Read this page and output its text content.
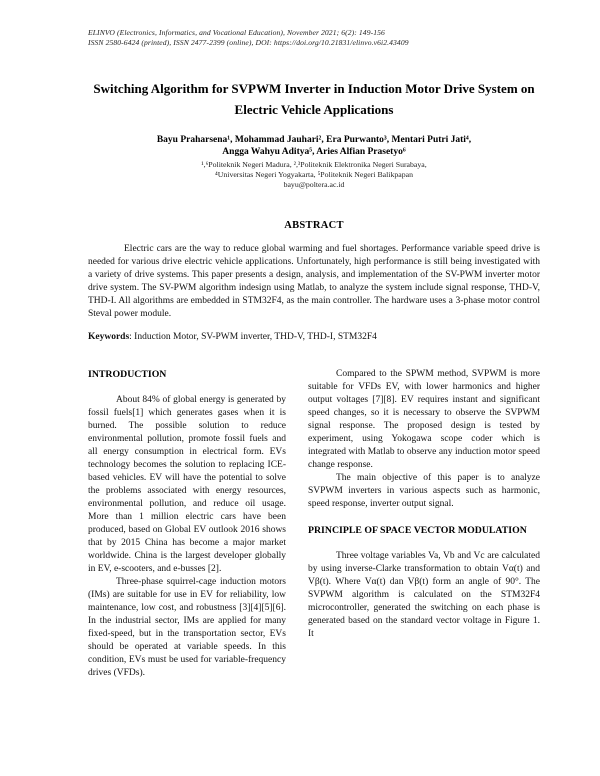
ELINVO (Electronics, Informatics, and Vocational Education), November 2021; 6(2): 149-156
ISSN 2580-6424 (printed), ISSN 2477-2399 (online), DOI: https://doi.org/10.21831/elinvo.v6i2.43409
Switching Algorithm for SVPWM Inverter in Induction Motor Drive System on Electric Vehicle Applications
Bayu Praharsena¹, Mohammad Jauhari², Era Purwanto³, Mentari Putri Jati⁴,
Angga Wahyu Aditya⁵, Aries Alfian Prasetyo⁶
¹,⁶Politeknik Negeri Madura, ²,³Politeknik Elektronika Negeri Surabaya,
⁴Universitas Negeri Yogyakarta, ⁵Politeknik Negeri Balikpapan
bayu@poltera.ac.id
ABSTRACT
Electric cars are the way to reduce global warming and fuel shortages. Performance variable speed drive is needed for various drive electric vehicle applications. Unfortunately, high performance is still being investigated with a variety of drive systems. This paper presents a design, analysis, and implementation of the SV-PWM inverter motor drive system. The SV-PWM algorithm indesign using Matlab, to analyze the system include signal response, THD-V, THD-I. All algorithms are embedded in STM32F4, as the main controller. The hardware uses a 3-phase motor control Steval power module.
Keywords: Induction Motor, SV-PWM inverter, THD-V, THD-I, STM32F4
INTRODUCTION

About 84% of global energy is generated by fossil fuels[1] which generates gases when it is burned. The possible solution to reduce environmental pollution, promote fossil fuels and all energy consumption in electrical form. EVs technology becomes the solution to replacing ICE-based vehicles. EV will have the potential to solve the problems associated with energy resources, environmental pollution, and reduce oil usage. More than 1 million electric cars have been produced, based on Global EV outlook 2016 shows that by 2015 China has become a major market worldwide. China is the largest developer globally in EV, e-scooters, and e-busses [2].

Three-phase squirrel-cage induction motors (IMs) are suitable for use in EV for reliability, low maintenance, low cost, and robustness [3][4][5][6]. In the industrial sector, IMs are applied for many fixed-speed, but in the transportation sector, EVs should be operated at variable speeds. In this condition, EVs must be used for variable-frequency drives (VFDs).

Compared to the SPWM method, SVPWM is more suitable for VFDs EV, with lower harmonics and higher output voltages [7][8]. EV requires instant and significant speed changes, so it is necessary to observe the SVPWM signal response. The proposed design is tested by experiment, using Yokogawa scope coder which is integrated with Matlab to observe any induction motor speed change response.

The main objective of this paper is to analyze SVPWM inverters in various aspects such as harmonic, speed response, inverter output signal.

PRINCIPLE OF SPACE VECTOR MODULATION

Three voltage variables Va, Vb and Vc are calculated by using inverse-Clarke transformation to obtain Vα(t) and Vβ(t). Where Vα(t) dan Vβ(t) form an angle of 90°. The SVPWM algorithm is calculated on the STM32F4 microcontroller, generated the switching on each phase is generated based on the standard vector voltage in Figure 1. It
